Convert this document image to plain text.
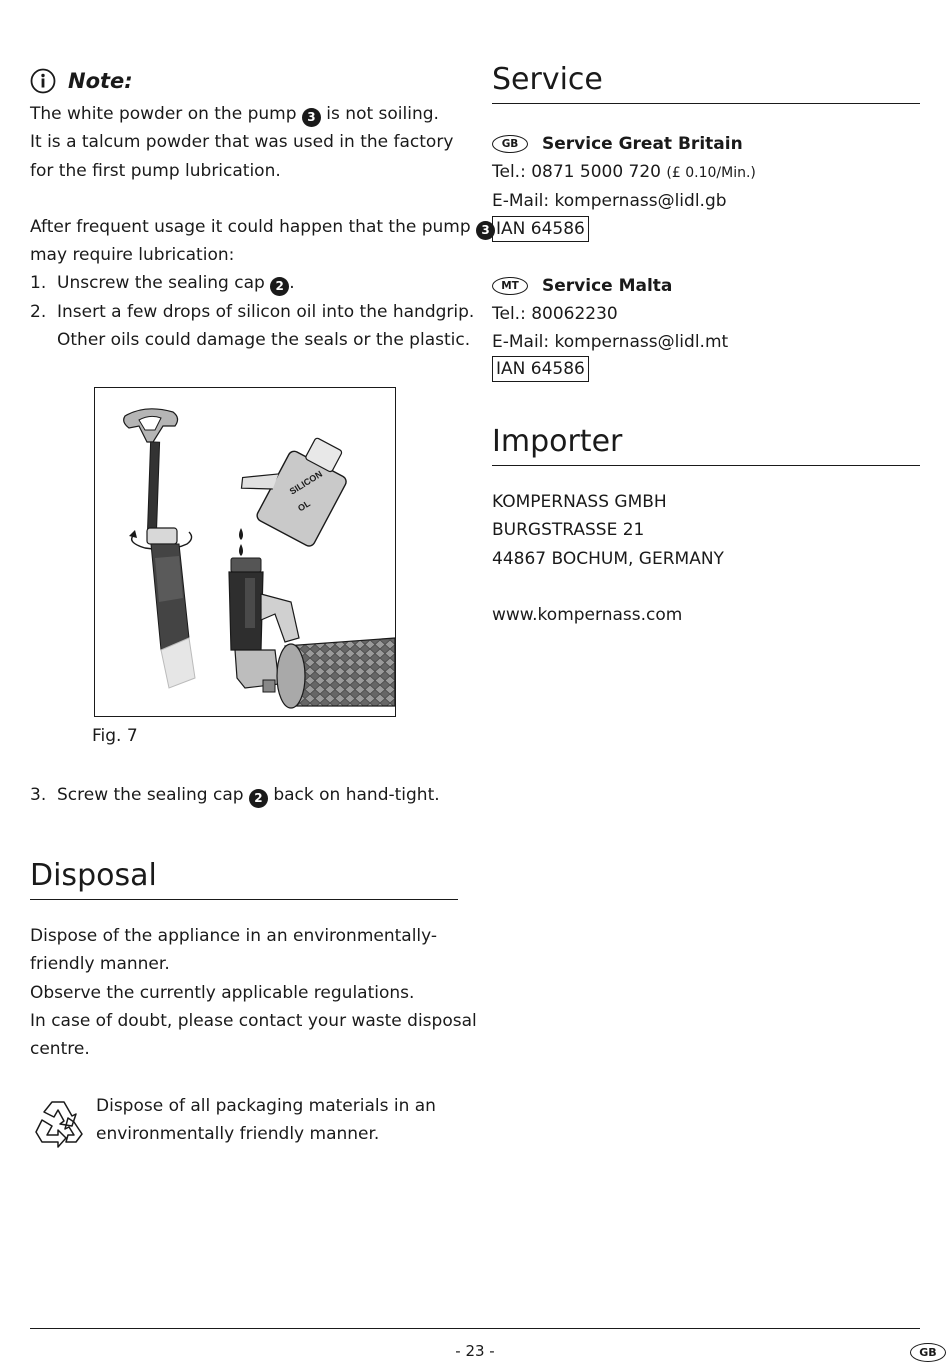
Note:

The white powder on the pump 3 is not soiling.

It is a talcum powder that was used in the factory

for the first pump lubrication.

After frequent usage it could happen that the pump 3

may require lubrication:

1. Unscrew the sealing cap 2 .
2. Insert a few drops of silicon oil into the handgrip.
Other oils could damage the seals or the plastic.
SILICON
OL
Fig. 7
3. Screw the sealing cap 2 back on hand-tight.
Disposal

Dispose of the appliance in an environmentally-

friendly manner.

Observe the currently applicable regulations.

In case of doubt, please contact your waste disposal

centre.

Dispose of all packaging materials in an

environmentally friendly manner.

Service
GB	Service Great Britain

Tel.: 0871 5000 720 (£ 0.10/Min.)

E-Mail: kompernass@lidl.gb

IAN 64586
MT	Service Malta

Tel.: 80062230

E-Mail: kompernass@lidl.mt

IAN 64586
Importer

KOMPERNASS GMBH

BURGSTRASSE 21

44867 BOCHUM, GERMANY

www.kompernass.com

- 23 -	GB
